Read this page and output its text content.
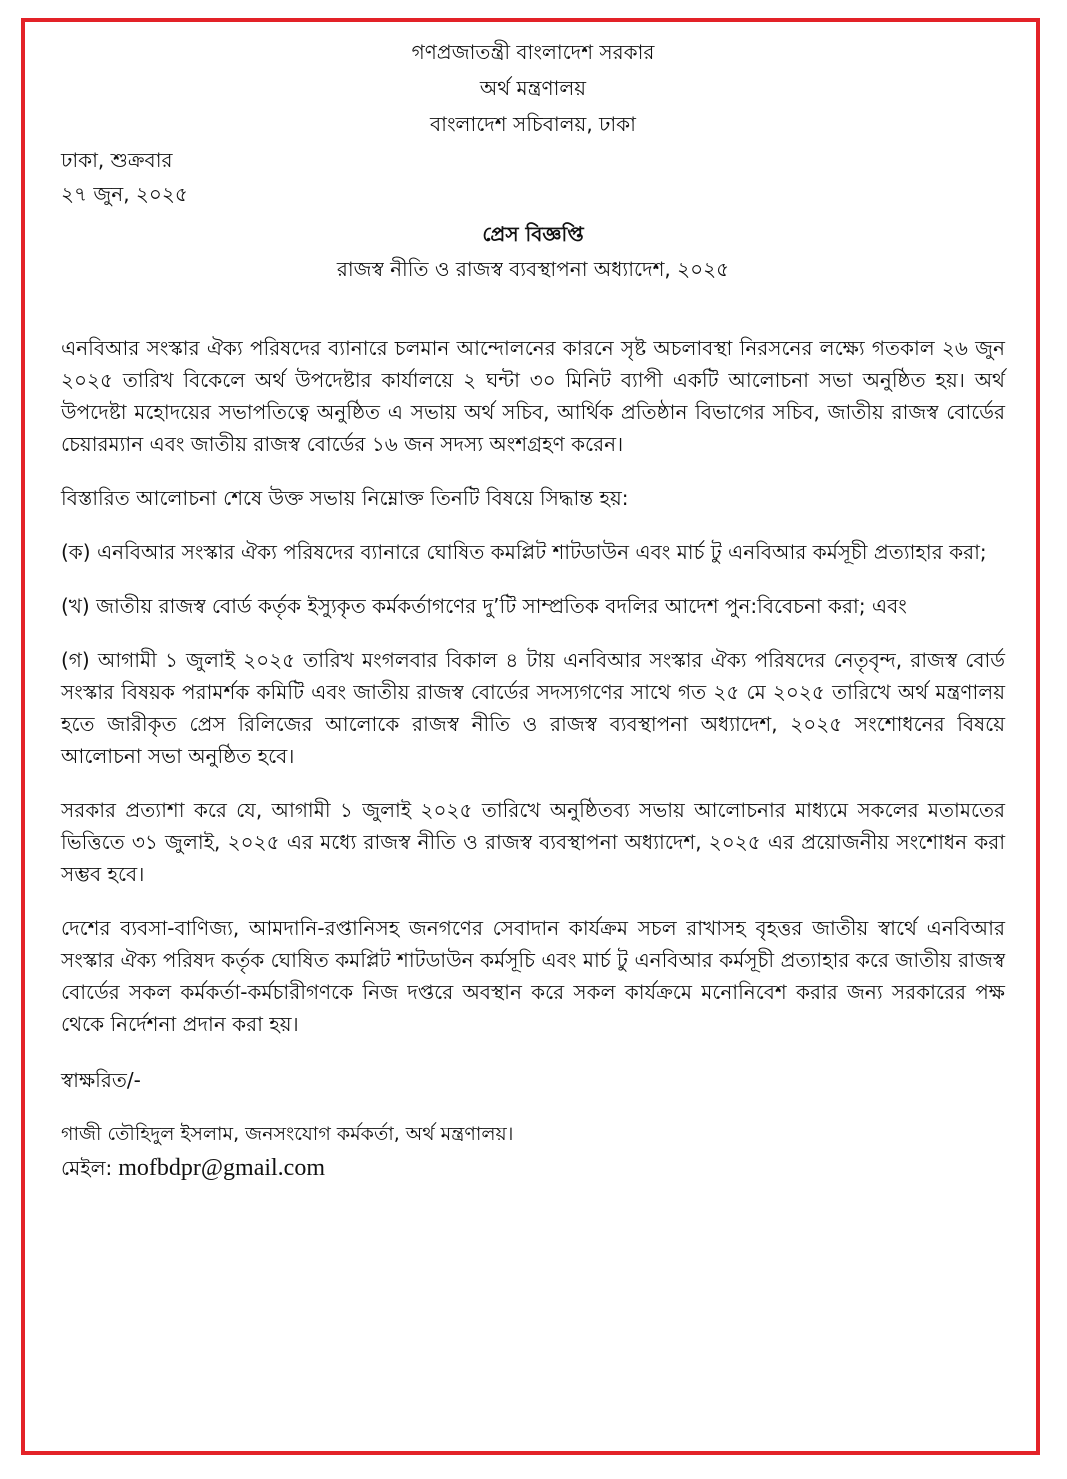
গণপ্রজাতন্ত্রী বাংলাদেশ সরকার
অর্থ মন্ত্রণালয়
বাংলাদেশ সচিবালয়, ঢাকা
ঢাকা, শুক্রবার
২৭ জুন, ২০২৫
প্রেস বিজ্ঞপ্তি
রাজস্ব নীতি ও রাজস্ব ব্যবস্থাপনা অধ্যাদেশ, ২০২৫

এনবিআর সংস্কার ঐক্য পরিষদের ব্যানারে চলমান আন্দোলনের কারনে সৃষ্ট অচলাবস্থা নিরসনের লক্ষ্যে গতকাল ২৬ জুন ২০২৫ তারিখ বিকেলে অর্থ উপদেষ্টার কার্যালয়ে ২ ঘন্টা ৩০ মিনিট ব্যাপী একটি আলোচনা সভা অনুষ্ঠিত হয়। অর্থ উপদেষ্টা মহোদয়ের সভাপতিত্বে অনুষ্ঠিত এ সভায় অর্থ সচিব, আর্থিক প্রতিষ্ঠান বিভাগের সচিব, জাতীয় রাজস্ব বোর্ডের চেয়ারম্যান এবং জাতীয় রাজস্ব বোর্ডের ১৬ জন সদস্য অংশগ্রহণ করেন।

বিস্তারিত আলোচনা শেষে উক্ত সভায় নিম্নোক্ত তিনটি বিষয়ে সিদ্ধান্ত হয়:

(ক) এনবিআর সংস্কার ঐক্য পরিষদের ব্যানারে ঘোষিত কমপ্লিট শাটডাউন এবং মার্চ টু এনবিআর কর্মসূচী প্রত্যাহার করা;

(খ) জাতীয় রাজস্ব বোর্ড কর্তৃক ইস্যুকৃত কর্মকর্তাগণের দু’টি সাম্প্রতিক বদলির আদেশ পুন:বিবেচনা করা; এবং

(গ) আগামী ১ জুলাই ২০২৫ তারিখ মংগলবার বিকাল ৪ টায় এনবিআর সংস্কার ঐক্য পরিষদের নেতৃবৃন্দ, রাজস্ব বোর্ড সংস্কার বিষয়ক পরামর্শক কমিটি এবং জাতীয় রাজস্ব বোর্ডের সদস্যগণের সাথে গত ২৫ মে ২০২৫ তারিখে অর্থ মন্ত্রণালয় হতে জারীকৃত প্রেস রিলিজের আলোকে রাজস্ব নীতি ও রাজস্ব ব্যবস্থাপনা অধ্যাদেশ, ২০২৫ সংশোধনের বিষয়ে আলোচনা সভা অনুষ্ঠিত হবে।

সরকার প্রত্যাশা করে যে, আগামী ১ জুলাই ২০২৫ তারিখে অনুষ্ঠিতব্য সভায় আলোচনার মাধ্যমে সকলের মতামতের ভিত্তিতে ৩১ জুলাই, ২০২৫ এর মধ্যে রাজস্ব নীতি ও রাজস্ব ব্যবস্থাপনা অধ্যাদেশ, ২০২৫ এর প্রয়োজনীয় সংশোধন করা সম্ভব হবে।

দেশের ব্যবসা-বাণিজ্য, আমদানি-রপ্তানিসহ জনগণের সেবাদান কার্যক্রম সচল রাখাসহ বৃহত্তর জাতীয় স্বার্থে এনবিআর সংস্কার ঐক্য পরিষদ কর্তৃক ঘোষিত কমপ্লিট শাটডাউন কর্মসূচি এবং মার্চ টু এনবিআর কর্মসূচী প্রত্যাহার করে জাতীয় রাজস্ব বোর্ডের সকল কর্মকর্তা-কর্মচারীগণকে নিজ দপ্তরে অবস্থান করে সকল কার্যক্রমে মনোনিবেশ করার জন্য সরকারের পক্ষ থেকে নির্দেশনা প্রদান করা হয়।

স্বাক্ষরিত/-
গাজী তৌহিদুল ইসলাম, জনসংযোগ কর্মকর্তা, অর্থ মন্ত্রণালয়।
মেইল: mofbdpr@gmail.com
